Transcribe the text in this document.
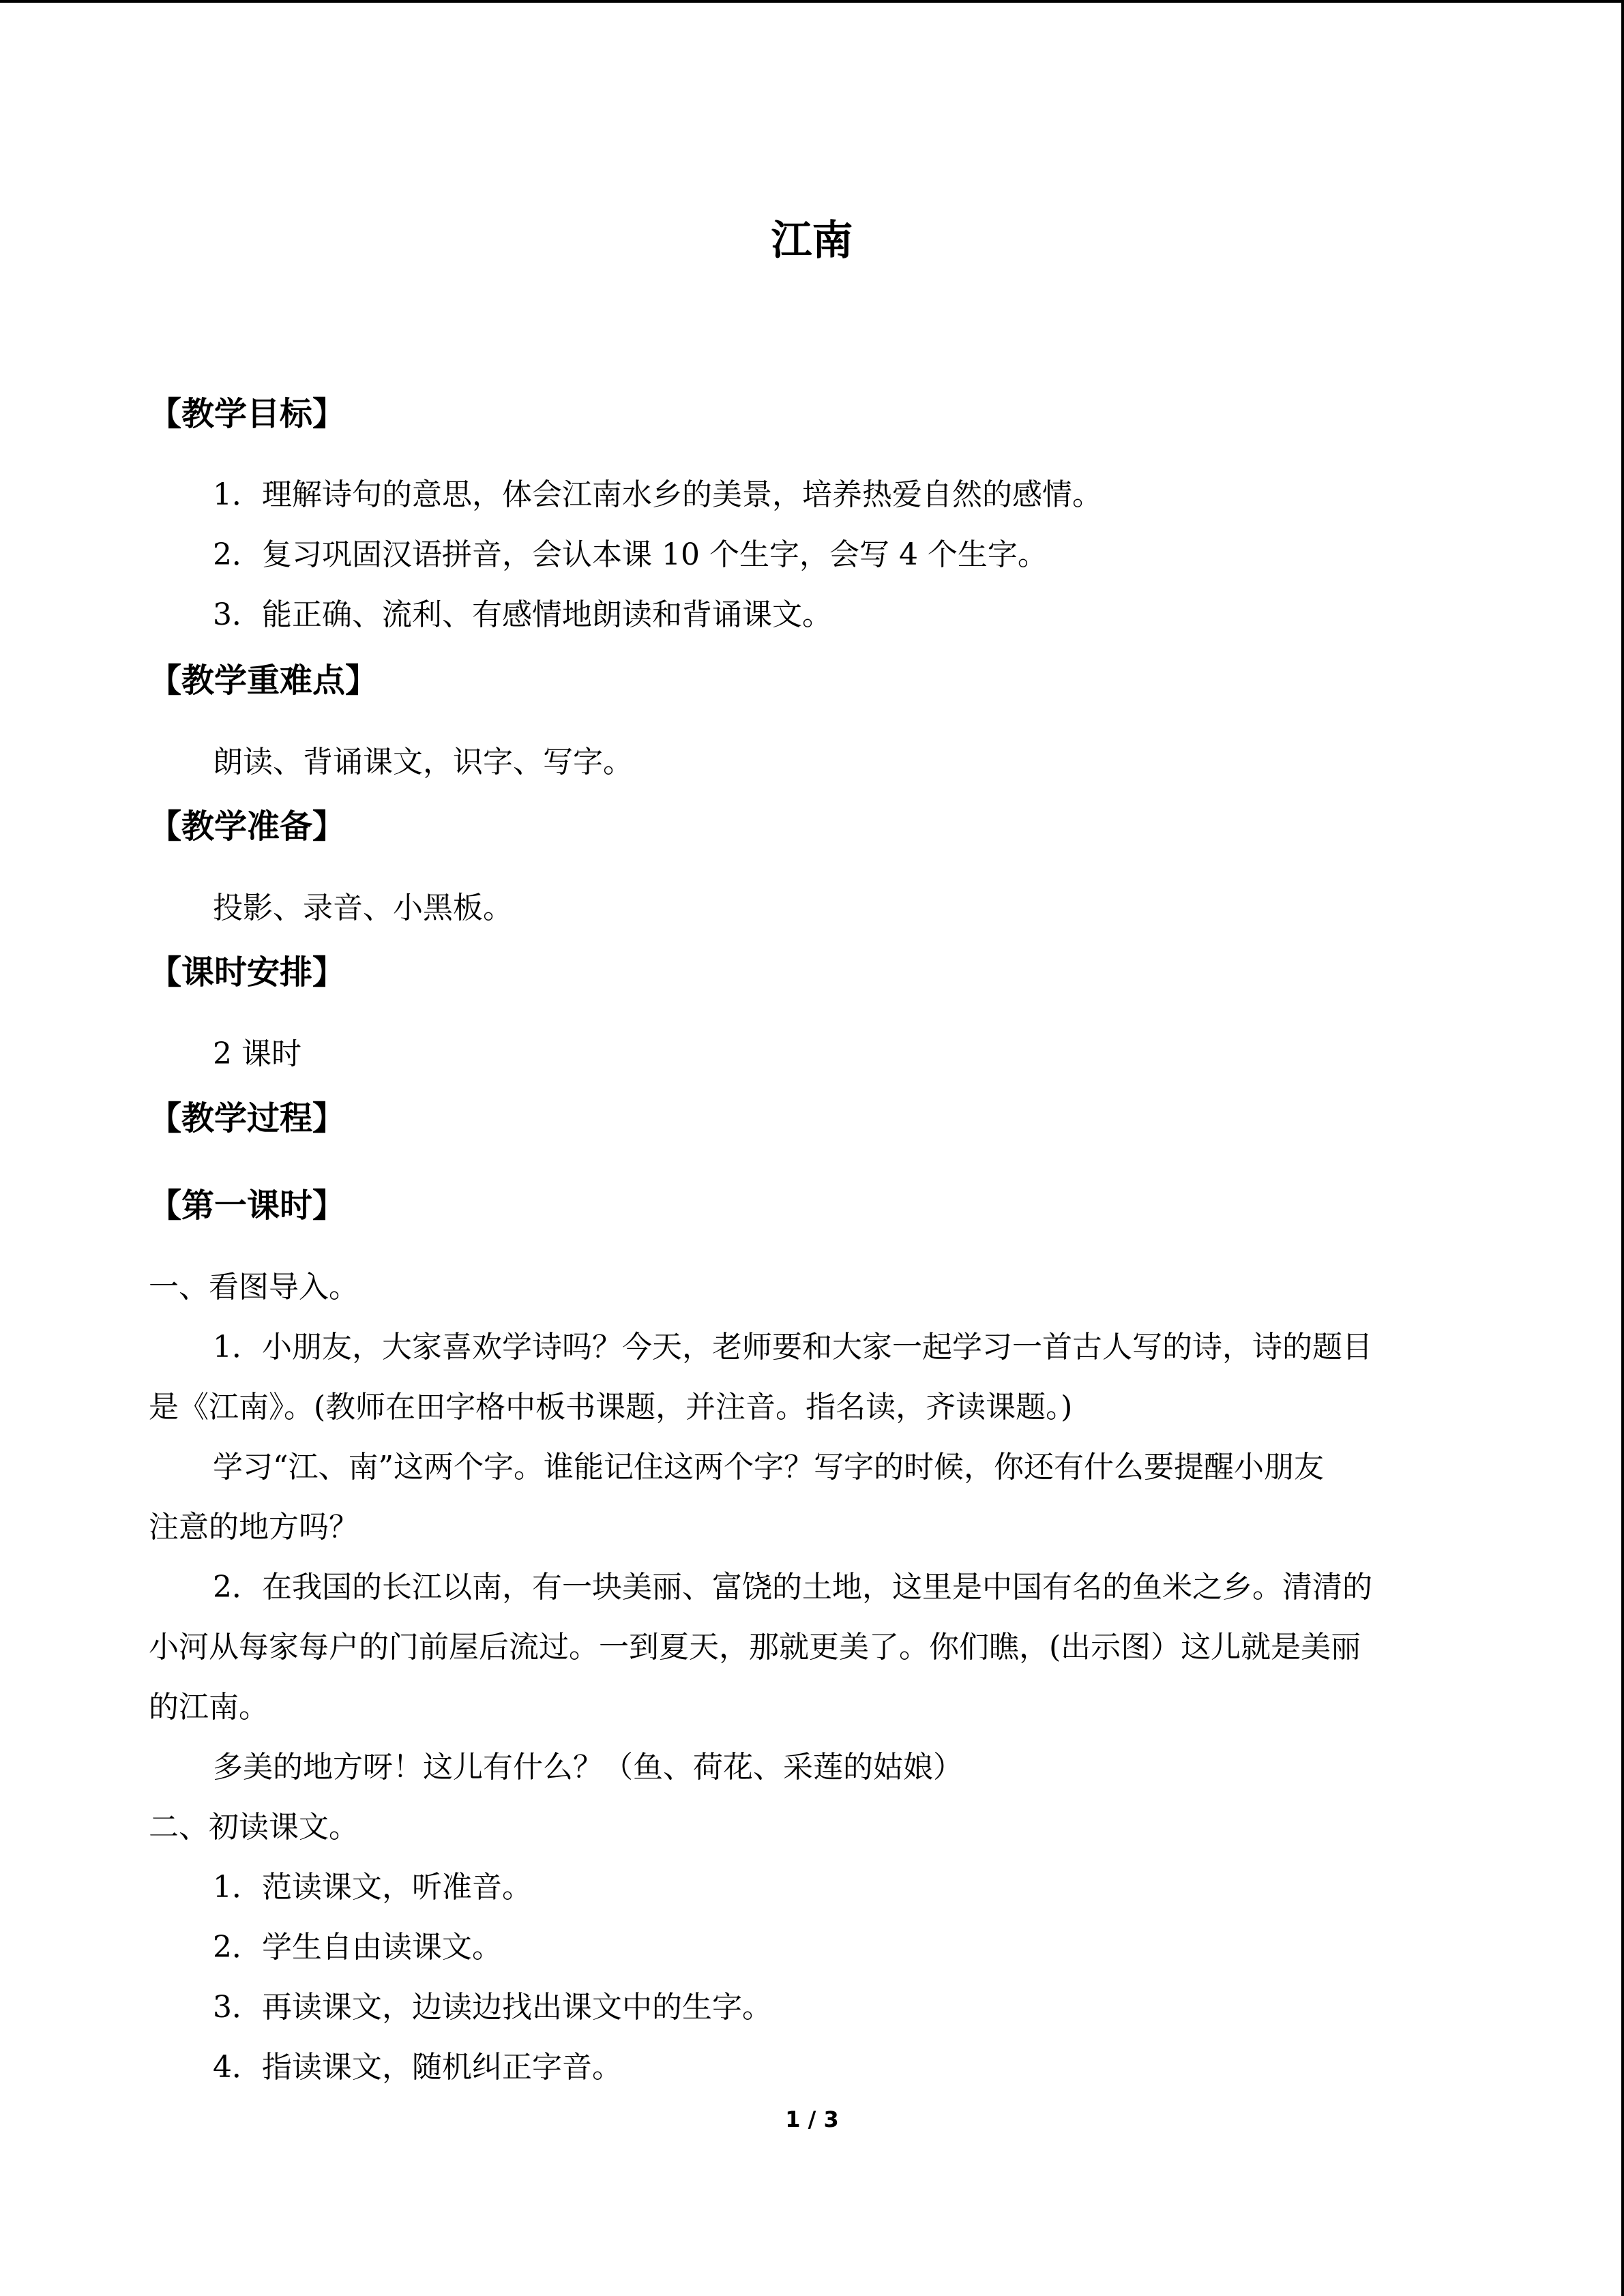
江南
【教学目标】
1．理解诗句的意思，体会江南水乡的美景，培养热爱自然的感情。
2．复习巩固汉语拼音，会认本课 10 个生字，会写 4 个生字。
3．能正确、流利、有感情地朗读和背诵课文。
【教学重难点】
朗读、背诵课文，识字、写字。
【教学准备】
投影、录音、小黑板。
【课时安排】
2 课时
【教学过程】
【第一课时】
一、看图导入。
1．小朋友，大家喜欢学诗吗？今天，老师要和大家一起学习一首古人写的诗，诗的题目
是《江南》。(教师在田字格中板书课题，并注音。指名读，齐读课题。)
学习“江、南”这两个字。谁能记住这两个字？写字的时候，你还有什么要提醒小朋友
注意的地方吗？
2．在我国的长江以南，有一块美丽、富饶的土地，这里是中国有名的鱼米之乡。清清的
小河从每家每户的门前屋后流过。一到夏天，那就更美了。你们瞧，(出示图）这儿就是美丽
的江南。
多美的地方呀！这儿有什么？（鱼、荷花、采莲的姑娘）
二、初读课文。
1．范读课文，听准音。
2．学生自由读课文。
3．再读课文，边读边找出课文中的生字。
4．指读课文，随机纠正字音。
1 / 3
